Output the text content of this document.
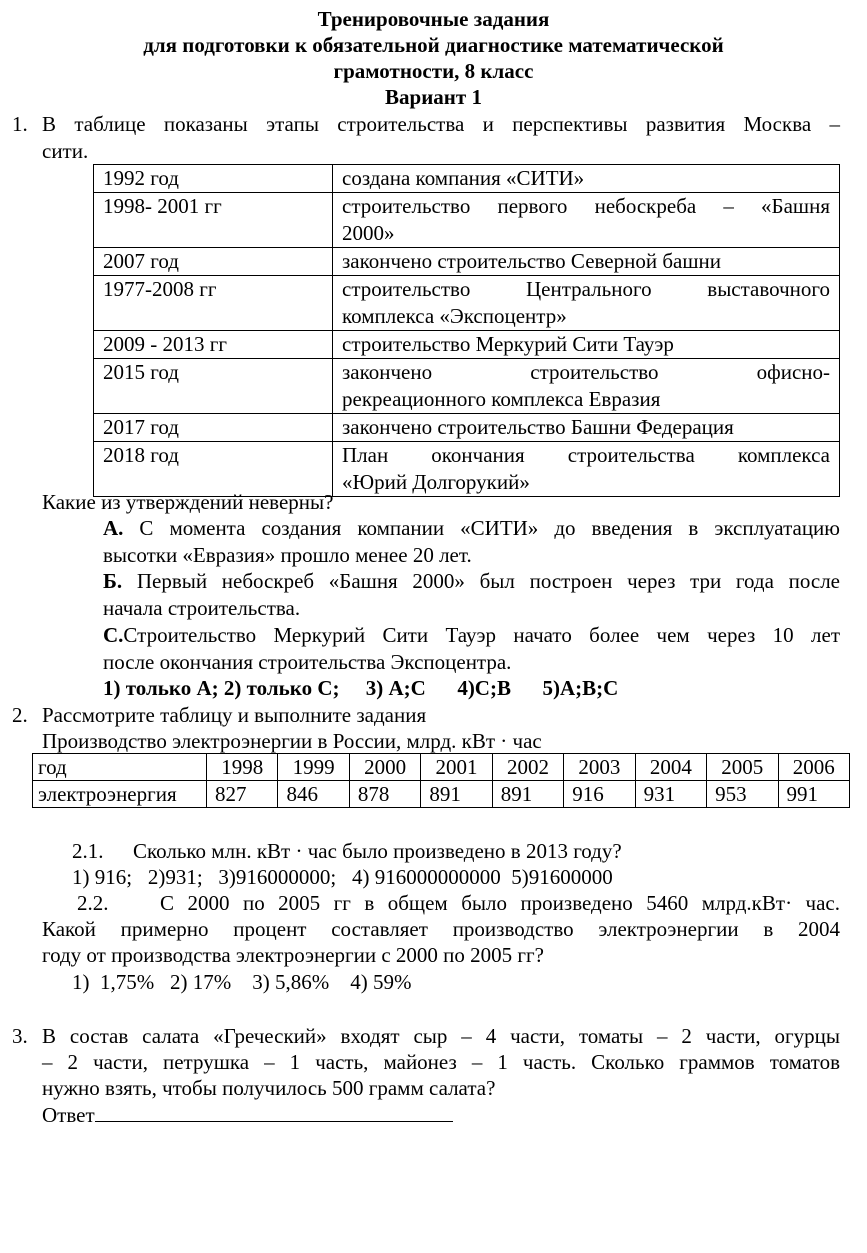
Тренировочные задания
для подготовки к обязательной диагностике математической
грамотности, 8 класс
Вариант 1
1. В таблице показаны этапы строительства и перспективы развития Москва –
сити.
1992 год	создана компания «СИТИ»

1998- 2001 гг	строительство первого небоскреба – «Башня
2000»

2007 год	закончено строительство Северной башни

1977-2008 гг	строительство Центрального выставочного
комплекса «Экспоцентр»

2009 - 2013 гг	строительство Меркурий Сити Тауэр

2015 год	закончено строительство офисно-
рекреационного комплекса Евразия

2017 год	закончено строительство Башни Федерация

2018 год	План окончания строительства комплекса
«Юрий Долгорукий»
Какие из утверждений неверны?
А. С момента создания компании «СИТИ» до введения в эксплуатацию
высотки «Евразия» прошло менее 20 лет.
Б. Первый небоскреб «Башня 2000» был построен через три года после
начала строительства.
С.Строительство Меркурий Сити Тауэр начато более чем через 10 лет
после окончания строительства Экспоцентра.
1) только А; 2) только С;     3) А;С      4)С;В      5)А;В;С
2. Рассмотрите таблицу и выполните задания
Производство электроэнергии в России, млрд. кВт · час
год	1998	1999	2000	2001	2002	2003	2004	2005	2006
электроэнергия	827	846	878	891	891	916	931	953	991
2.1. Сколько млн. кВт · час было произведено в 2013 году?
1) 916;   2)931;   3)916000000;   4) 916000000000  5)91600000
2.2. С 2000 по 2005 гг в общем было произведено 5460 млрд.кВт· час.
Какой примерно процент составляет производство электроэнергии в 2004
году от производства электроэнергии с 2000 по 2005 гг?
1)  1,75%   2) 17%    3) 5,86%    4) 59%
3. В состав салата «Греческий» входят сыр – 4 части, томаты – 2 части, огурцы
– 2 части, петрушка – 1 часть, майонез – 1 часть. Сколько граммов томатов
нужно взять, чтобы получилось 500 грамм салата?
Ответ
